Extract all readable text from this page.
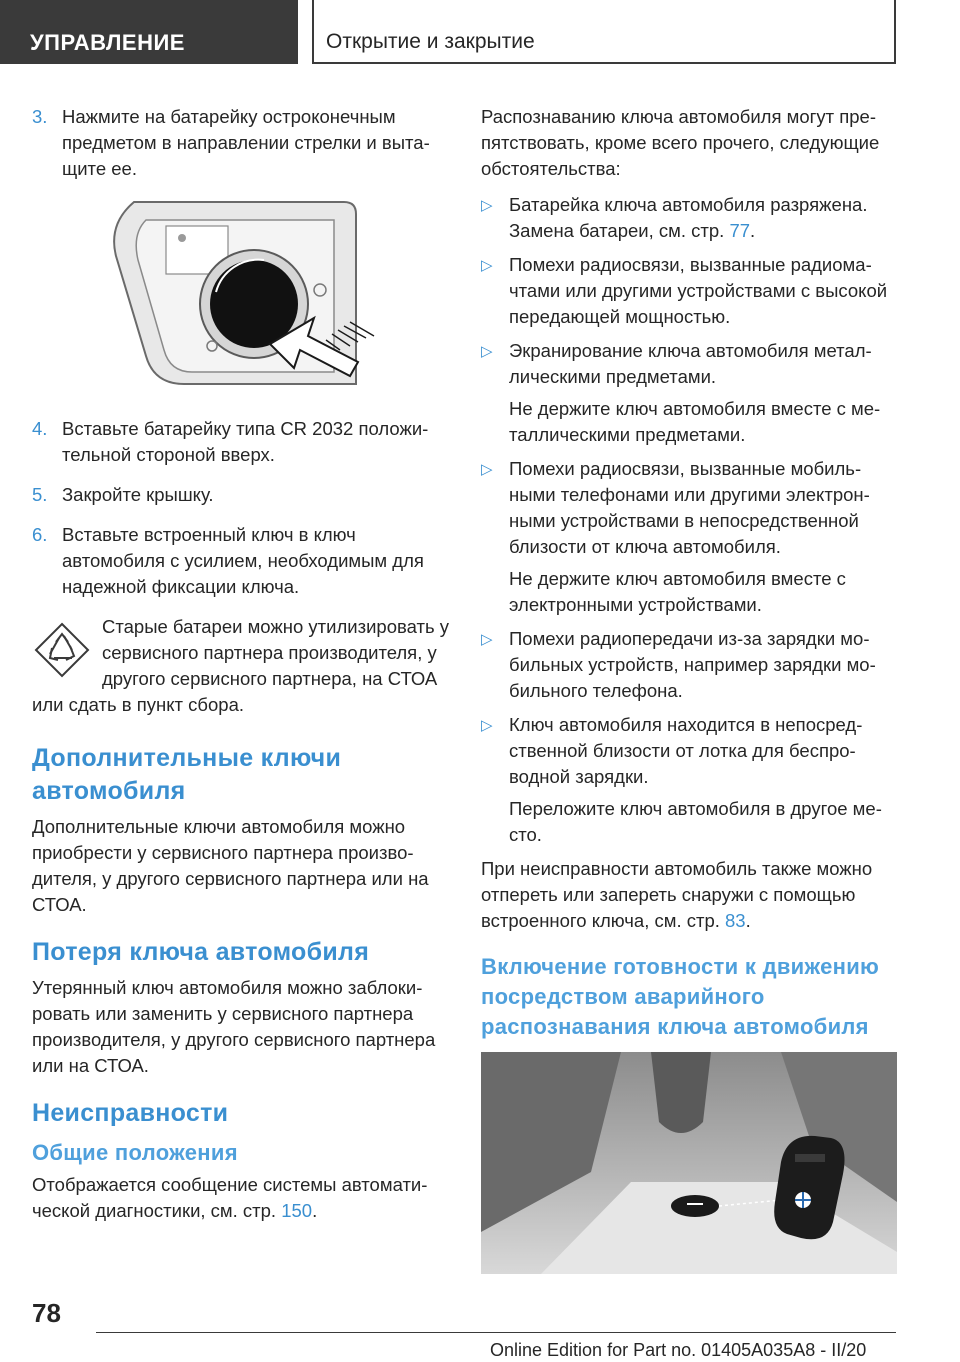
УПРАВЛЕНИЕ	Открытие и закрытие
3. Нажмите на батарейку остроконечным предметом в направлении стрелки и вытащите ее.
4. Вставьте батарейку типа CR 2032 положительной стороной вверх.
5. Закройте крышку.
6. Вставьте встроенный ключ в ключ автомобиля с усилием, необходимым для надежной фиксации ключа.
Старые батареи можно утилизировать у сервисного партнера производителя, у другого сервисного партнера, на СТОА или сдать в пункт сбора.
Дополнительные ключи автомобиля

Дополнительные ключи автомобиля можно приобрести у сервисного партнера производителя, у другого сервисного партнера или на СТОА.

Потеря ключа автомобиля

Утерянный ключ автомобиля можно заблокировать или заменить у сервисного партнера производителя, у другого сервисного партнера или на СТОА.

Неисправности
Общие положения

Отображается сообщение системы автоматической диагностики, см. стр. 150.

Распознаванию ключа автомобиля могут препятствовать, кроме всего прочего, следующие обстоятельства:

▷ Батарейка ключа автомобиля разряжена. Замена батареи, см. стр. 77.
▷ Помехи радиосвязи, вызванные радиомачтами или другими устройствами с высокой передающей мощностью.
▷ Экранирование ключа автомобиля металлическими предметами.

Не держите ключ автомобиля вместе с металлическими предметами.

▷ Помехи радиосвязи, вызванные мобильными телефонами или другими электронными устройствами в непосредственной близости от ключа автомобиля.

Не держите ключ автомобиля вместе с электронными устройствами.

▷ Помехи радиопередачи из-за зарядки мобильных устройств, например зарядки мобильного телефона.
▷ Ключ автомобиля находится в непосредственной близости от лотка для беспроводной зарядки.

Переложите ключ автомобиля в другое место.

При неисправности автомобиль также можно отпереть или запереть снаружи с помощью встроенного ключа, см. стр. 83.

Включение готовности к движению посредством аварийного распознавания ключа автомобиля
78
Online Edition for Part no. 01405A035A8 - II/20
